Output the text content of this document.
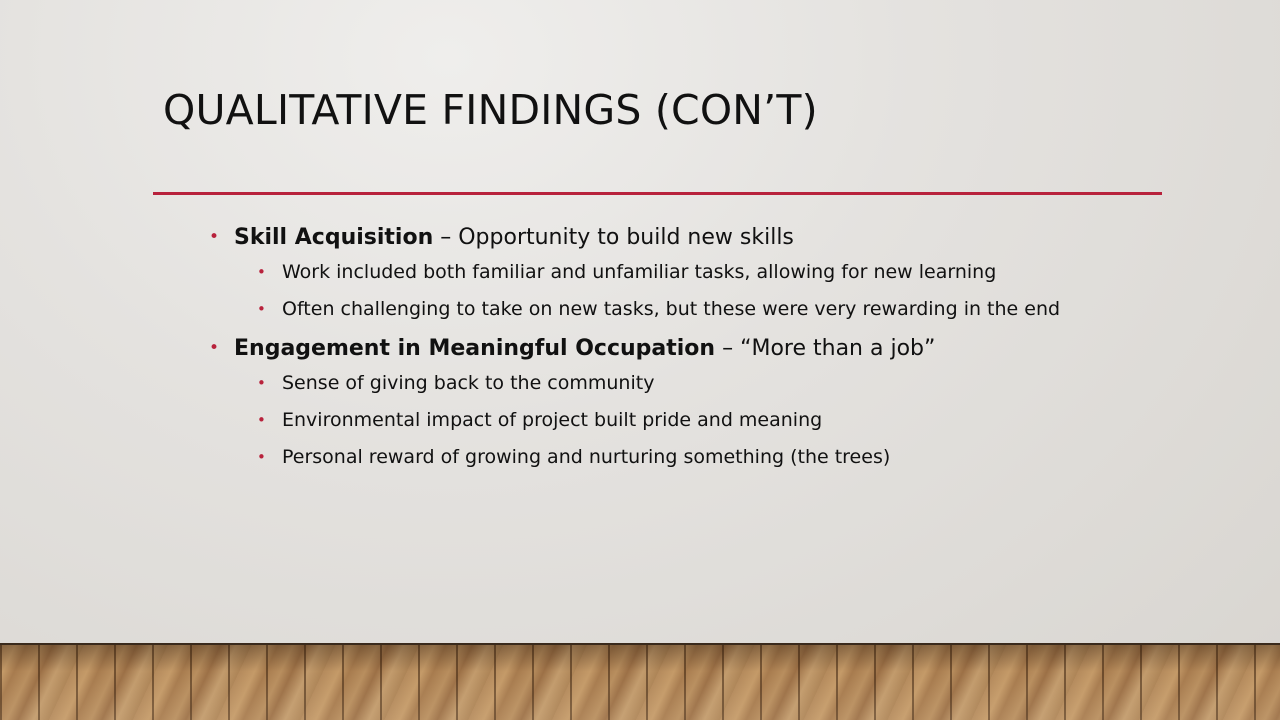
QUALITATIVE FINDINGS (CON’T)
• Skill Acquisition – Opportunity to build new skills
• Work included both familiar and unfamiliar tasks, allowing for new learning
• Often challenging to take on new tasks, but these were very rewarding in the end
• Engagement in Meaningful Occupation – “More than a job”
• Sense of giving back to the community
• Environmental impact of project built pride and meaning
• Personal reward of growing and nurturing something (the trees)
